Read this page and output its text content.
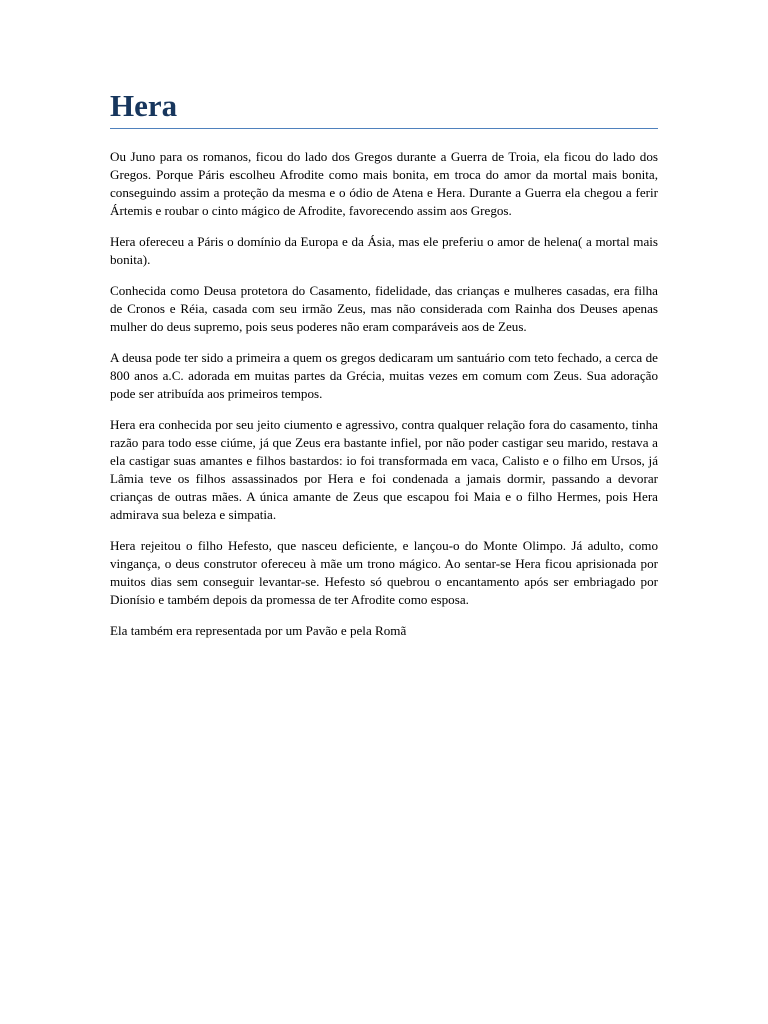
Hera

Ou Juno para os romanos, ficou do lado dos Gregos durante a Guerra de Troia, ela ficou do lado dos Gregos. Porque Páris escolheu Afrodite como mais bonita, em troca do amor da mortal mais bonita, conseguindo assim a proteção da mesma e o ódio de Atena e Hera. Durante a Guerra ela chegou a ferir Ártemis e roubar o cinto mágico de Afrodite, favorecendo assim aos Gregos.

Hera ofereceu a Páris o domínio da Europa e da Ásia, mas ele preferiu o amor de helena( a mortal mais bonita).

Conhecida como Deusa protetora do Casamento, fidelidade, das crianças e mulheres casadas, era filha de Cronos e Réia, casada com seu irmão Zeus, mas não considerada com Rainha dos Deuses apenas mulher do deus supremo, pois seus poderes não eram comparáveis aos de Zeus.

A deusa pode ter sido a primeira a quem os gregos dedicaram um santuário com teto fechado, a cerca de 800 anos a.C. adorada em muitas partes da Grécia, muitas vezes em comum com Zeus. Sua adoração pode ser atribuída aos primeiros tempos.

Hera era conhecida por seu jeito ciumento e agressivo, contra qualquer relação fora do casamento, tinha razão para todo esse ciúme, já que Zeus era bastante infiel, por não poder castigar seu marido, restava a ela castigar suas amantes e filhos bastardos: io foi transformada em vaca, Calisto e o filho em Ursos, já Lâmia teve os filhos assassinados por Hera e foi condenada a jamais dormir, passando a devorar crianças de outras mães. A única amante de Zeus que escapou foi Maia e o filho Hermes, pois Hera admirava sua beleza e simpatia.

Hera rejeitou o filho Hefesto, que nasceu deficiente, e lançou-o do Monte Olimpo. Já adulto, como vingança, o deus construtor ofereceu à mãe um trono mágico. Ao sentar-se Hera ficou aprisionada por muitos dias sem conseguir levantar-se. Hefesto só quebrou o encantamento após ser embriagado por Dionísio e também depois da promessa de ter Afrodite como esposa.

Ela também era representada por um Pavão e pela Romã
